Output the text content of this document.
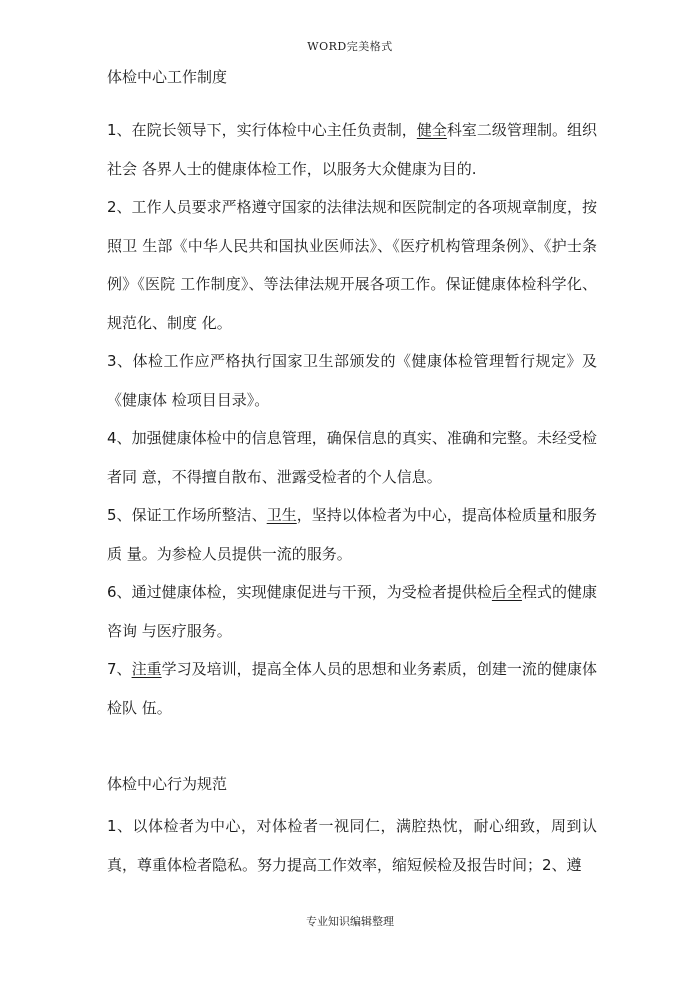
WORD完美格式
体检中心工作制度

1、在院长领导下，实行体检中心主任负责制，健全科室二级管理制。组织社会 各界人士的健康体检工作，以服务大众健康为目的.

2、工作人员要求严格遵守国家的法律法规和医院制定的各项规章制度，按照卫 生部《中华人民共和国执业医师法》、《医疗机构管理条例》、《护士条例》《医院 工作制度》、等法律法规开展各项工作。保证健康体检科学化、规范化、制度 化。

3、体检工作应严格执行国家卫生部颁发的《健康体检管理暂行规定》及《健康体 检项目目录》。

4、加强健康体检中的信息管理，确保信息的真实、准确和完整。未经受检者同 意，不得擅自散布、泄露受检者的个人信息。

5、保证工作场所整洁、卫生，坚持以体检者为中心，提高体检质量和服务质 量。为参检人员提供一流的服务。

6、通过健康体检，实现健康促进与干预，为受检者提供检后全程式的健康咨询 与医疗服务。

7、注重学习及培训，提高全体人员的思想和业务素质，创建一流的健康体检队 伍。

体检中心行为规范

1、以体检者为中心，对体检者一视同仁，满腔热忱，耐心细致，周到认真，尊重体检者隐私。努力提高工作效率，缩短候检及报告时间；2、遵

专业知识编辑整理
